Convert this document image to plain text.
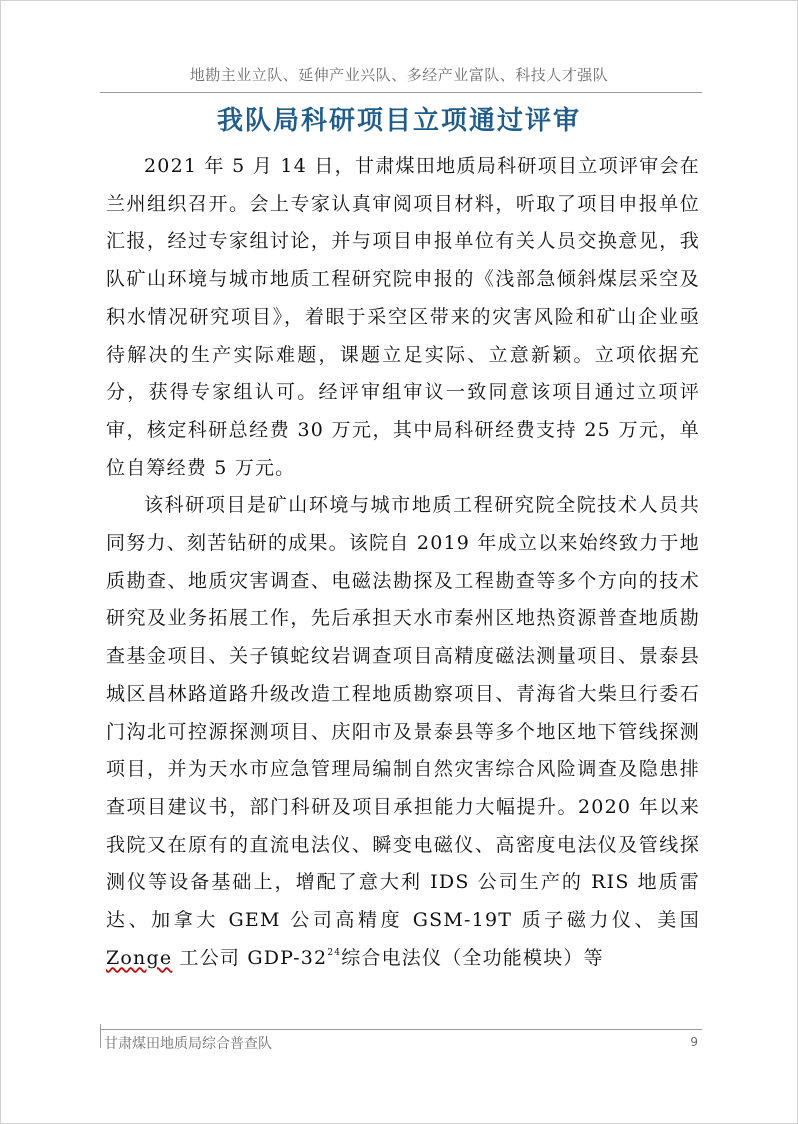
地勘主业立队、延伸产业兴队、多经产业富队、科技人才强队
我队局科研项目立项通过评审

2021 年 5 月 14 日，甘肃煤田地质局科研项目立项评审会在兰州组织召开。会上专家认真审阅项目材料，听取了项目申报单位汇报，经过专家组讨论，并与项目申报单位有关人员交换意见，我队矿山环境与城市地质工程研究院申报的《浅部急倾斜煤层采空及积水情况研究项目》，着眼于采空区带来的灾害风险和矿山企业亟待解决的生产实际难题，课题立足实际、立意新颖。立项依据充分，获得专家组认可。经评审组审议一致同意该项目通过立项评审，核定科研总经费 30 万元，其中局科研经费支持 25 万元，单位自筹经费 5 万元。

该科研项目是矿山环境与城市地质工程研究院全院技术人员共同努力、刻苦钻研的成果。该院自 2019 年成立以来始终致力于地质勘查、地质灾害调查、电磁法勘探及工程勘查等多个方向的技术研究及业务拓展工作，先后承担天水市秦州区地热资源普查地质勘查基金项目、关子镇蛇纹岩调查项目高精度磁法测量项目、景泰县城区昌林路道路升级改造工程地质勘察项目、青海省大柴旦行委石门沟北可控源探测项目、庆阳市及景泰县等多个地区地下管线探测项目，并为天水市应急管理局编制自然灾害综合风险调查及隐患排查项目建议书，部门科研及项目承担能力大幅提升。2020 年以来我院又在原有的直流电法仪、瞬变电磁仪、高密度电法仪及管线探测仪等设备基础上，增配了意大利 IDS 公司生产的 RIS 地质雷达、加拿大 GEM 公司高精度 GSM-19T 质子磁力仪、美国 Zonge 工公司 GDP-$32^{24}$综合电法仪（全功能模块）等

甘肃煤田地质局综合普查队	9
